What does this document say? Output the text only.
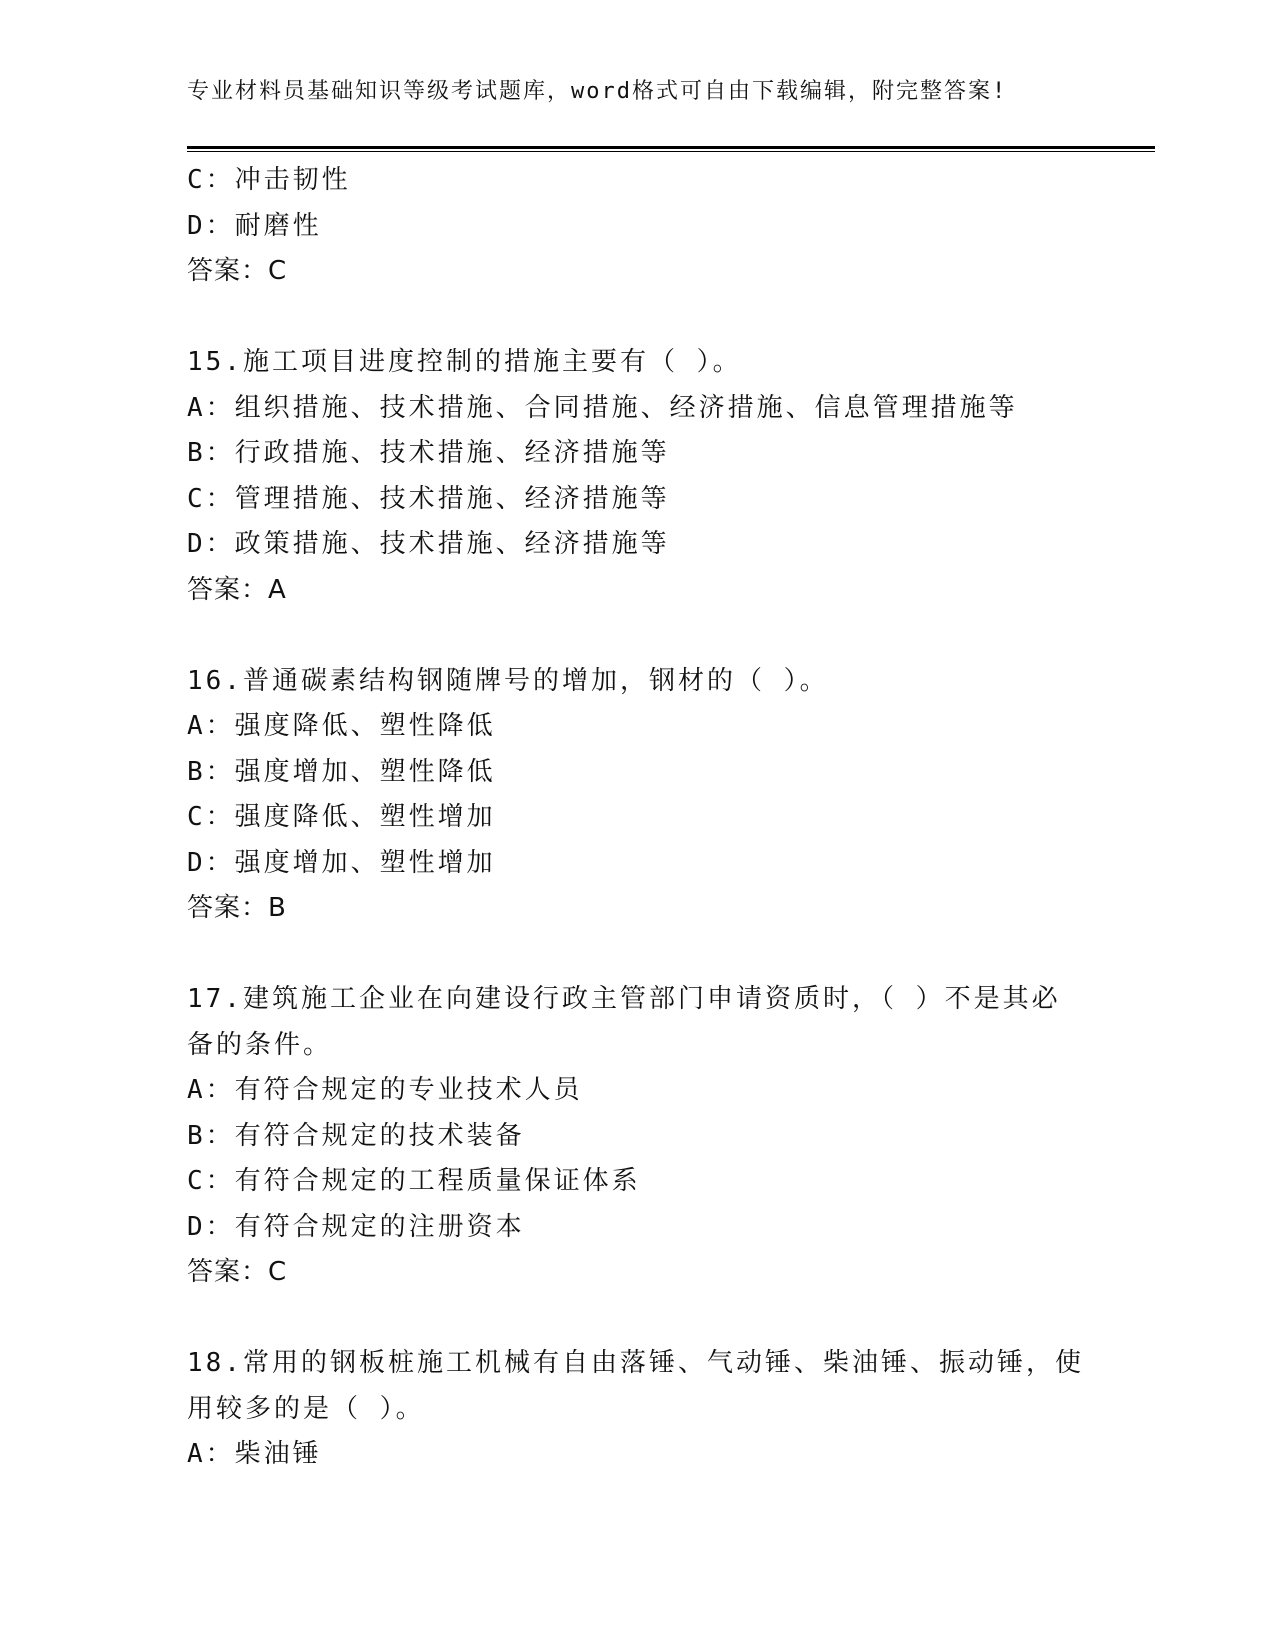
专业材料员基础知识等级考试题库，word格式可自由下载编辑，附完整答案!
C：冲击韧性
D：耐磨性
答案：C
15.施工项目进度控制的措施主要有（ ）。
A：组织措施、技术措施、合同措施、经济措施、信息管理措施等
B：行政措施、技术措施、经济措施等
C：管理措施、技术措施、经济措施等
D：政策措施、技术措施、经济措施等
答案：A
16.普通碳素结构钢随牌号的增加，钢材的（ ）。
A：强度降低、塑性降低
B：强度增加、塑性降低
C：强度降低、塑性增加
D：强度增加、塑性增加
答案：B
17.建筑施工企业在向建设行政主管部门申请资质时，（ ）不是其必
备的条件。
A：有符合规定的专业技术人员
B：有符合规定的技术装备
C：有符合规定的工程质量保证体系
D：有符合规定的注册资本
答案：C
18.常用的钢板桩施工机械有自由落锤、气动锤、柴油锤、振动锤，使
用较多的是（ ）。
A：柴油锤
